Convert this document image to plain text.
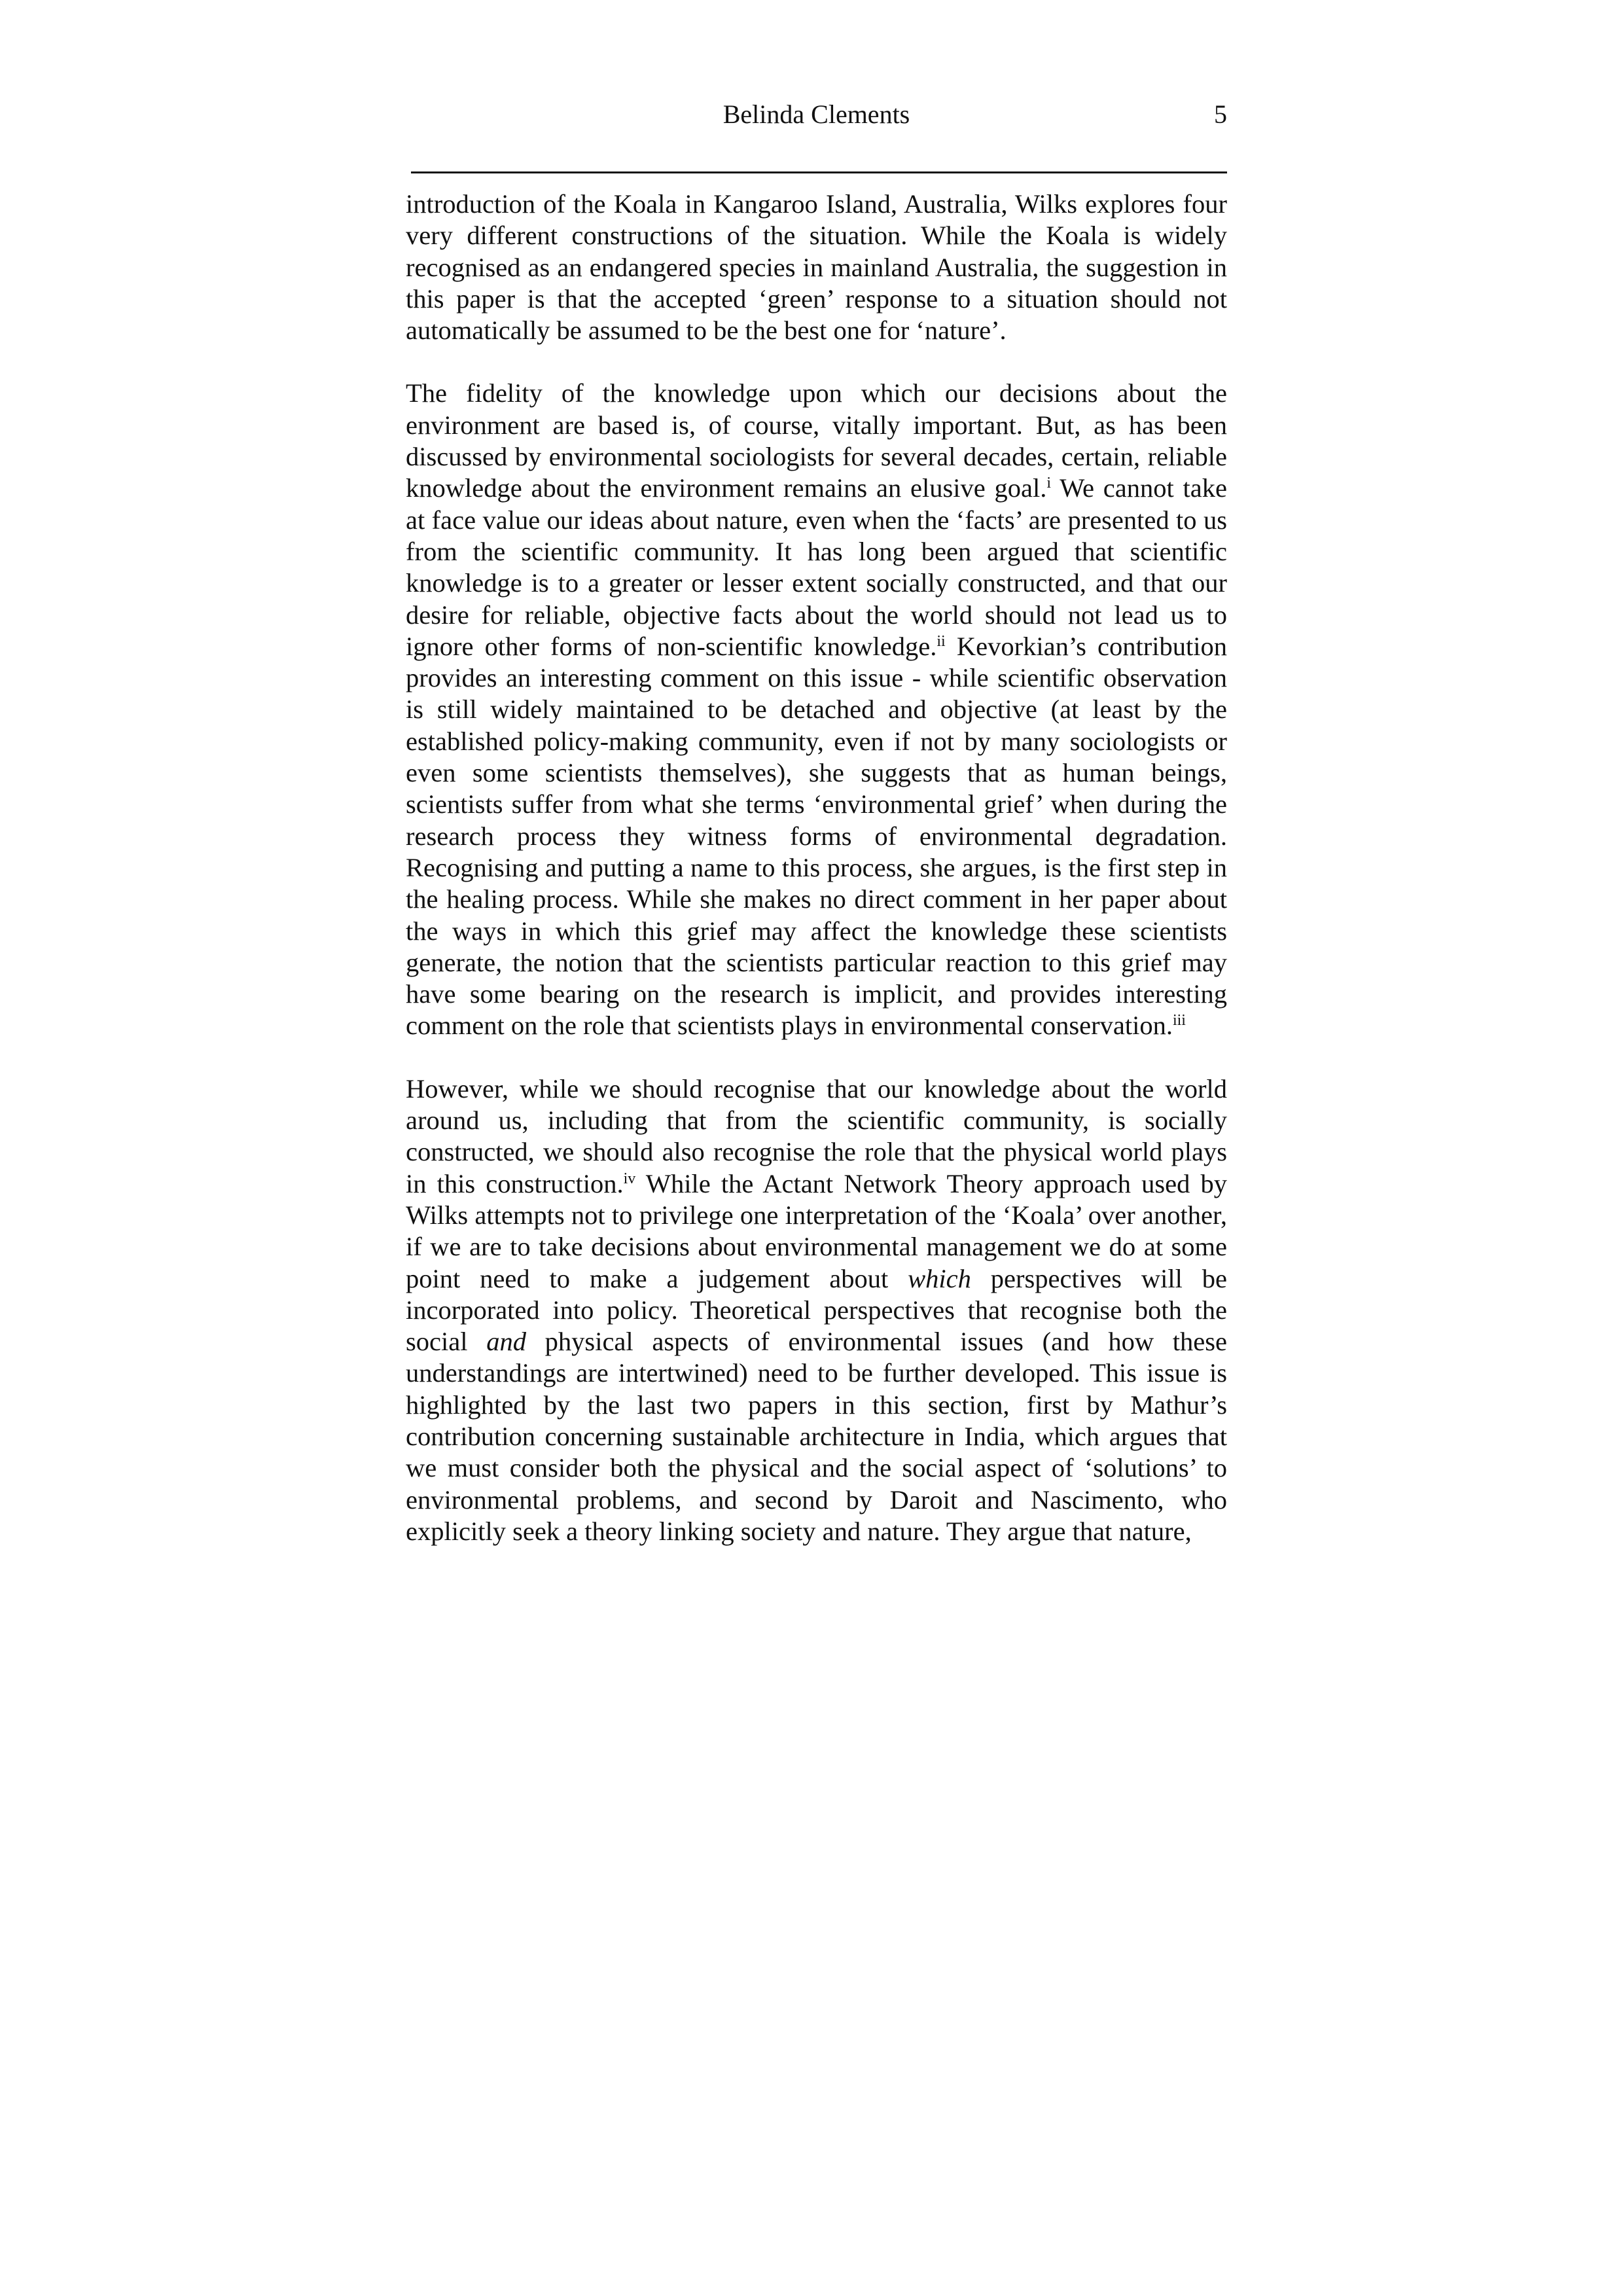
Belinda Clements	5

introduction of the Koala in Kangaroo Island, Australia, Wilks explores four very different constructions of the situation. While the Koala is widely recognised as an endangered species in mainland Australia, the suggestion in this paper is that the accepted ‘green’ response to a situation should not automatically be assumed to be the best one for ‘nature’.

The fidelity of the knowledge upon which our decisions about the environment are based is, of course, vitally important. But, as has been discussed by environmental sociologists for several decades, certain, reliable knowledge about the environment remains an elusive goal.$^i$ We cannot take at face value our ideas about nature, even when the ‘facts’ are presented to us from the scientific community. It has long been argued that scientific knowledge is to a greater or lesser extent socially constructed, and that our desire for reliable, objective facts about the world should not lead us to ignore other forms of non-scientific knowledge.$^{ii}$ Kevorkian’s contribution provides an interesting comment on this issue - while scientific observation is still widely maintained to be detached and objective (at least by the established policy-making community, even if not by many sociologists or even some scientists themselves), she suggests that as human beings, scientists suffer from what she terms ‘environmental grief’ when during the research process they witness forms of environmental degradation. Recognising and putting a name to this process, she argues, is the first step in the healing process. While she makes no direct comment in her paper about the ways in which this grief may affect the knowledge these scientists generate, the notion that the scientists particular reaction to this grief may have some bearing on the research is implicit, and provides interesting comment on the role that scientists plays in environmental conservation.$^{iii}$

However, while we should recognise that our knowledge about the world around us, including that from the scientific community, is socially constructed, we should also recognise the role that the physical world plays in this construction.$^{iv}$ While the Actant Network Theory approach used by Wilks attempts not to privilege one interpretation of the ‘Koala’ over another, if we are to take decisions about environmental management we do at some point need to make a judgement about which perspectives will be incorporated into policy. Theoretical perspectives that recognise both the social and physical aspects of environmental issues (and how these understandings are intertwined) need to be further developed. This issue is highlighted by the last two papers in this section, first by Mathur’s contribution concerning sustainable architecture in India, which argues that we must consider both the physical and the social aspect of ‘solutions’ to environmental problems, and second by Daroit and Nascimento, who explicitly seek a theory linking society and nature. They argue that nature,
